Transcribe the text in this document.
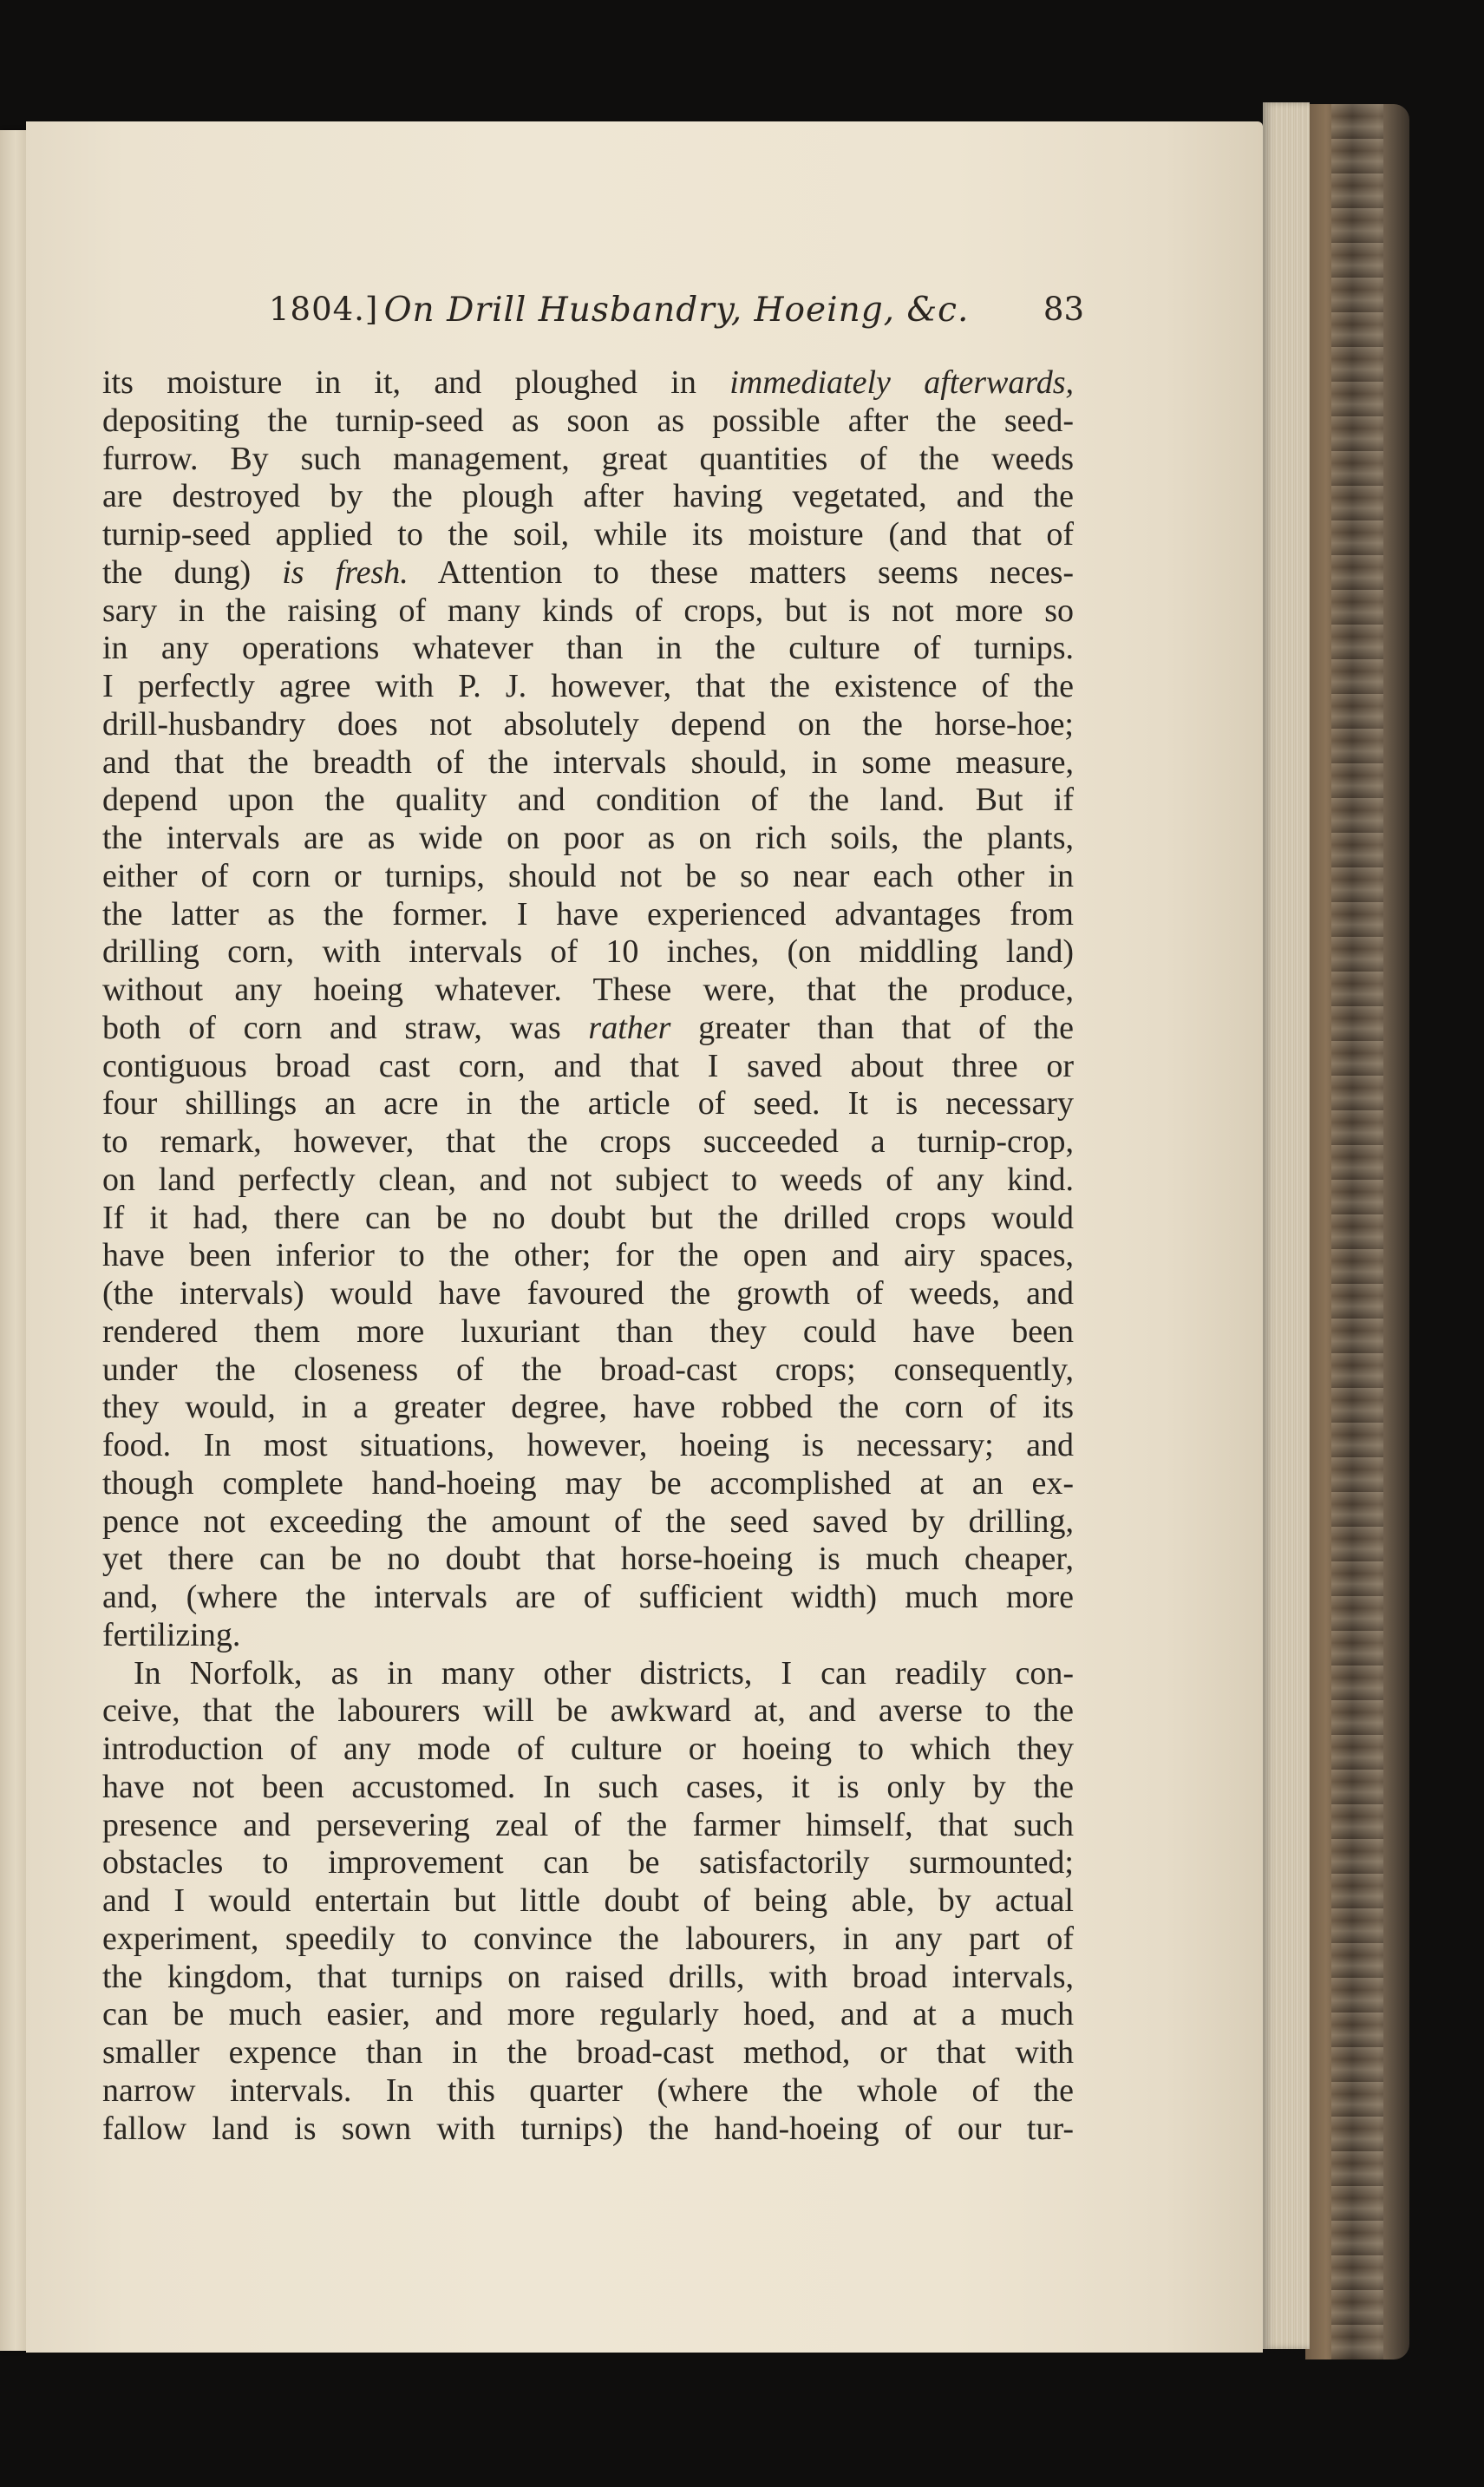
1804.] On Drill Husbandry, Hoeing, &c.	83
its moisture in it, and ploughed in immediately afterwards,
depositing the turnip-seed as soon as possible after the seed-
furrow. By such management, great quantities of the weeds
are destroyed by the plough after having vegetated, and the
turnip-seed applied to the soil, while its moisture (and that of
the dung) is fresh. Attention to these matters seems neces-
sary in the raising of many kinds of crops, but is not more so
in any operations whatever than in the culture of turnips.
I perfectly agree with P. J. however, that the existence of the
drill-husbandry does not absolutely depend on the horse-hoe;
and that the breadth of the intervals should, in some measure,
depend upon the quality and condition of the land. But if
the intervals are as wide on poor as on rich soils, the plants,
either of corn or turnips, should not be so near each other in
the latter as the former. I have experienced advantages from
drilling corn, with intervals of 10 inches, (on middling land)
without any hoeing whatever. These were, that the produce,
both of corn and straw, was rather greater than that of the
contiguous broad cast corn, and that I saved about three or
four shillings an acre in the article of seed. It is necessary
to remark, however, that the crops succeeded a turnip-crop,
on land perfectly clean, and not subject to weeds of any kind.
If it had, there can be no doubt but the drilled crops would
have been inferior to the other; for the open and airy spaces,
(the intervals) would have favoured the growth of weeds, and
rendered them more luxuriant than they could have been
under the closeness of the broad-cast crops; consequently,
they would, in a greater degree, have robbed the corn of its
food. In most situations, however, hoeing is necessary; and
though complete hand-hoeing may be accomplished at an ex-
pence not exceeding the amount of the seed saved by drilling,
yet there can be no doubt that horse-hoeing is much cheaper,
and, (where the intervals are of sufficient width) much more
fertilizing.
In Norfolk, as in many other districts, I can readily con-
ceive, that the labourers will be awkward at, and averse to the
introduction of any mode of culture or hoeing to which they
have not been accustomed. In such cases, it is only by the
presence and persevering zeal of the farmer himself, that such
obstacles to improvement can be satisfactorily surmounted;
and I would entertain but little doubt of being able, by actual
experiment, speedily to convince the labourers, in any part of
the kingdom, that turnips on raised drills, with broad intervals,
can be much easier, and more regularly hoed, and at a much
smaller expence than in the broad-cast method, or that with
narrow intervals. In this quarter (where the whole of the
fallow land is sown with turnips) the hand-hoeing of our tur-
